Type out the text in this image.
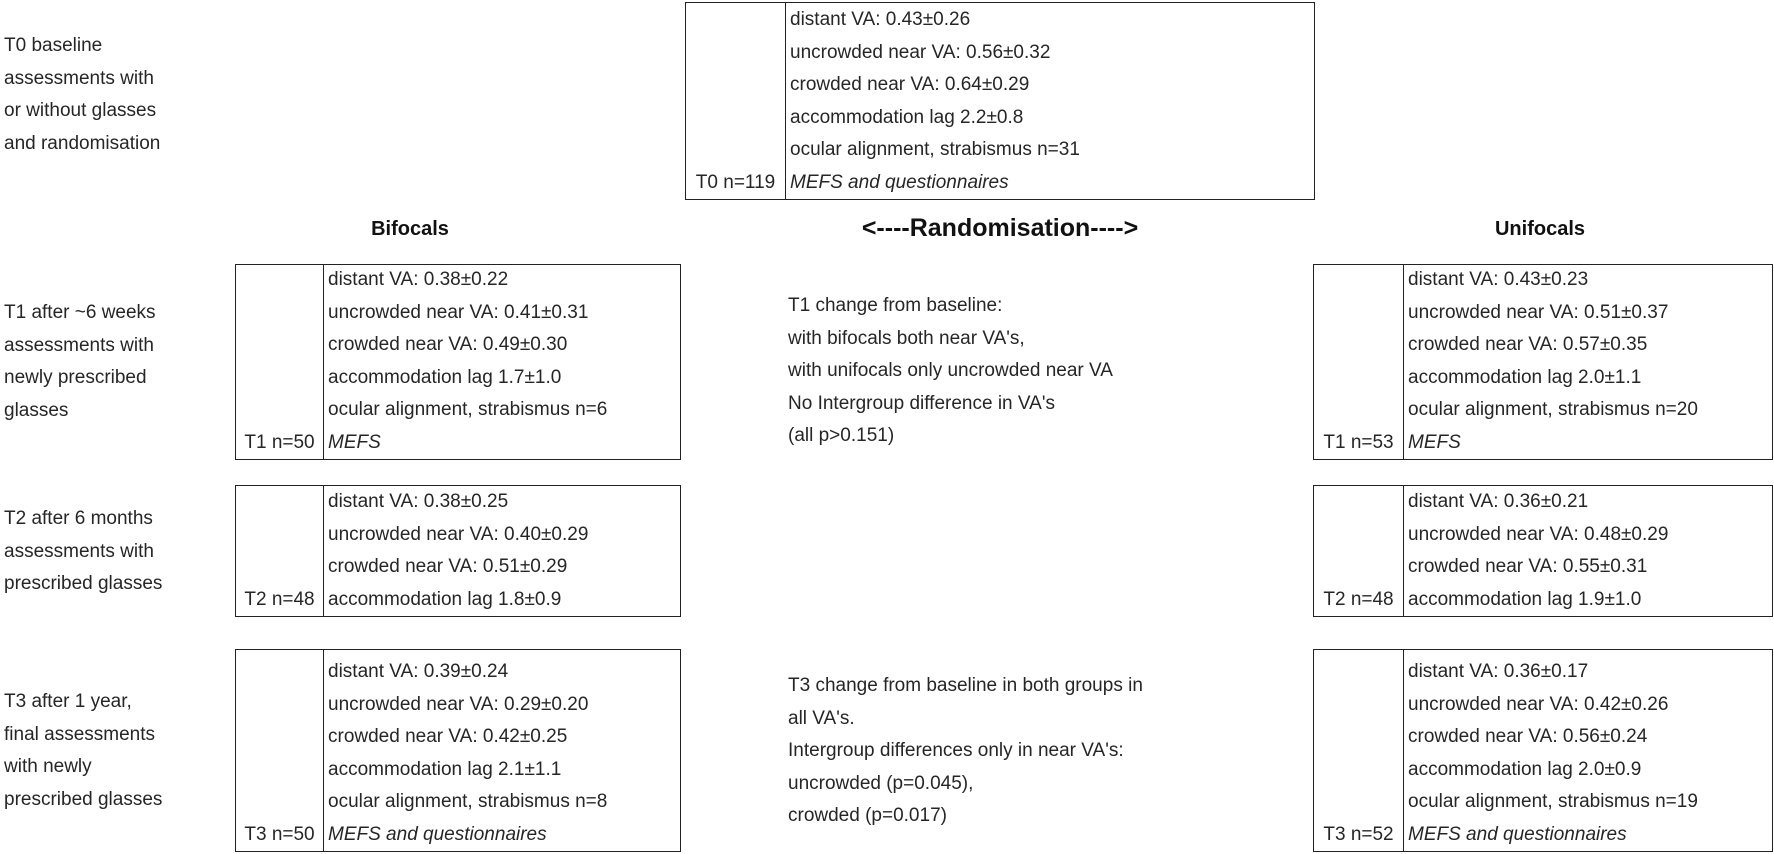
T0 baseline
assessments with
or without glasses
and randomisation
T1 after ~6 weeks
assessments with
newly prescribed
glasses
T2 after 6 months
assessments with
prescribed glasses
T3 after 1 year,
final assessments
with newly
prescribed glasses
Bifocals	<----Randomisation---->	Unifocals
T0 n=119
distant VA: 0.43±0.26
uncrowded near VA: 0.56±0.32
crowded near VA: 0.64±0.29
accommodation lag 2.2±0.8
ocular alignment, strabismus n=31
MEFS and questionnaires
T1 n=50
distant VA: 0.38±0.22
uncrowded near VA: 0.41±0.31
crowded near VA: 0.49±0.30
accommodation lag 1.7±1.0
ocular alignment, strabismus n=6
MEFS
T2 n=48
distant VA: 0.38±0.25
uncrowded near VA: 0.40±0.29
crowded near VA: 0.51±0.29
accommodation lag 1.8±0.9
T3 n=50
distant VA: 0.39±0.24
uncrowded near VA: 0.29±0.20
crowded near VA: 0.42±0.25
accommodation lag 2.1±1.1
ocular alignment, strabismus n=8
MEFS and questionnaires
T1 n=53
distant VA: 0.43±0.23
uncrowded near VA: 0.51±0.37
crowded near VA: 0.57±0.35
accommodation lag 2.0±1.1
ocular alignment, strabismus n=20
MEFS
T2 n=48
distant VA: 0.36±0.21
uncrowded near VA: 0.48±0.29
crowded near VA: 0.55±0.31
accommodation lag 1.9±1.0
T3 n=52
distant VA: 0.36±0.17
uncrowded near VA: 0.42±0.26
crowded near VA: 0.56±0.24
accommodation lag 2.0±0.9
ocular alignment, strabismus n=19
MEFS and questionnaires
T1 change from baseline:
with bifocals both near VA's,
with unifocals only uncrowded near VA
No Intergroup difference in VA's
(all p>0.151)
T3 change from baseline in both groups in
all VA's.
Intergroup differences only in near VA's:
uncrowded (p=0.045),
crowded (p=0.017)
